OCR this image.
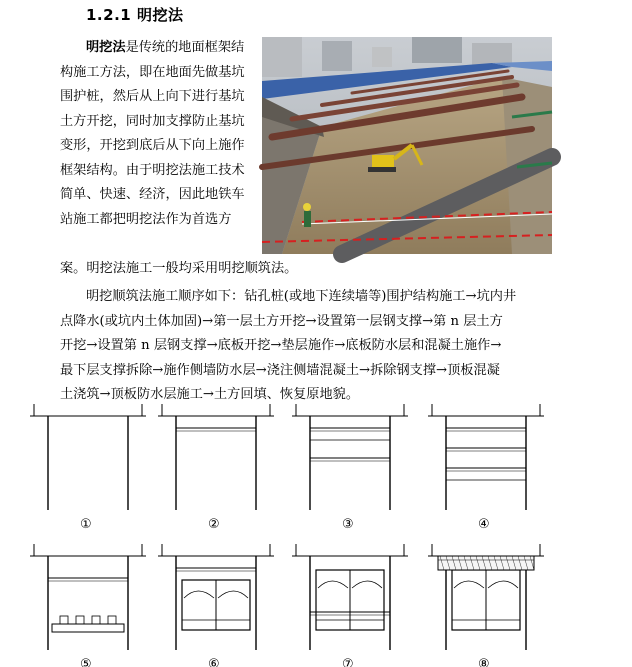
1.2.1 明挖法
明挖法是传统的地面框架结
构施工方法，即在地面先做基坑
围护桩，然后从上向下进行基坑
土方开挖，同时加支撑防止基坑
变形，开挖到底后从下向上施作
框架结构。由于明挖法施工技术
简单、快速、经济，因此地铁车
站施工都把明挖法作为首选方
案。明挖法施工一般均采用明挖顺筑法。
明挖顺筑法施工顺序如下：钻孔桩(或地下连续墙等)围护结构施工→坑内井
点降水(或坑内土体加固)→第一层土方开挖→设置第一层钢支撑→第 n 层土方
开挖→设置第 n 层钢支撑→底板开挖→垫层施作→底板防水层和混凝土施作→
最下层支撑拆除→施作侧墙防水层→浇注侧墙混凝土→拆除钢支撑→顶板混凝
土浇筑→顶板防水层施工→土方回填、恢复原地貌。
①	②	③	④
⑤	⑥	⑦	⑧
